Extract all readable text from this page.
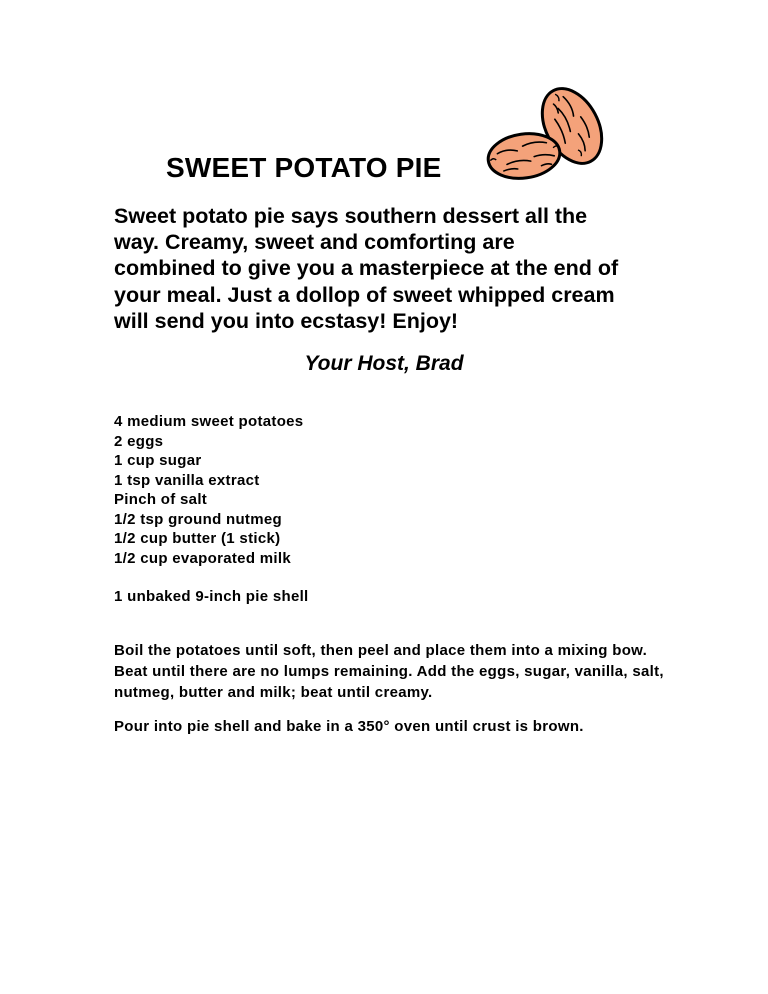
SWEET POTATO PIE

Sweet potato pie says southern dessert all the
way. Creamy, sweet and comforting are
combined to give you a masterpiece at the end of
your meal. Just a dollop of sweet whipped cream
will send you into ecstasy! Enjoy!

Your Host, Brad

4 medium sweet potatoes
2 eggs
1 cup sugar
1 tsp vanilla extract
Pinch of salt
1/2 tsp ground nutmeg
1/2 cup butter (1 stick)
1/2 cup evaporated milk

1 unbaked 9-inch pie shell

Boil the potatoes until soft, then peel and place them into a mixing bow. Beat until there are no lumps remaining. Add the eggs, sugar, vanilla, salt, nutmeg, butter and milk; beat until creamy.

Pour into pie shell and bake in a 350° oven until crust is brown.
